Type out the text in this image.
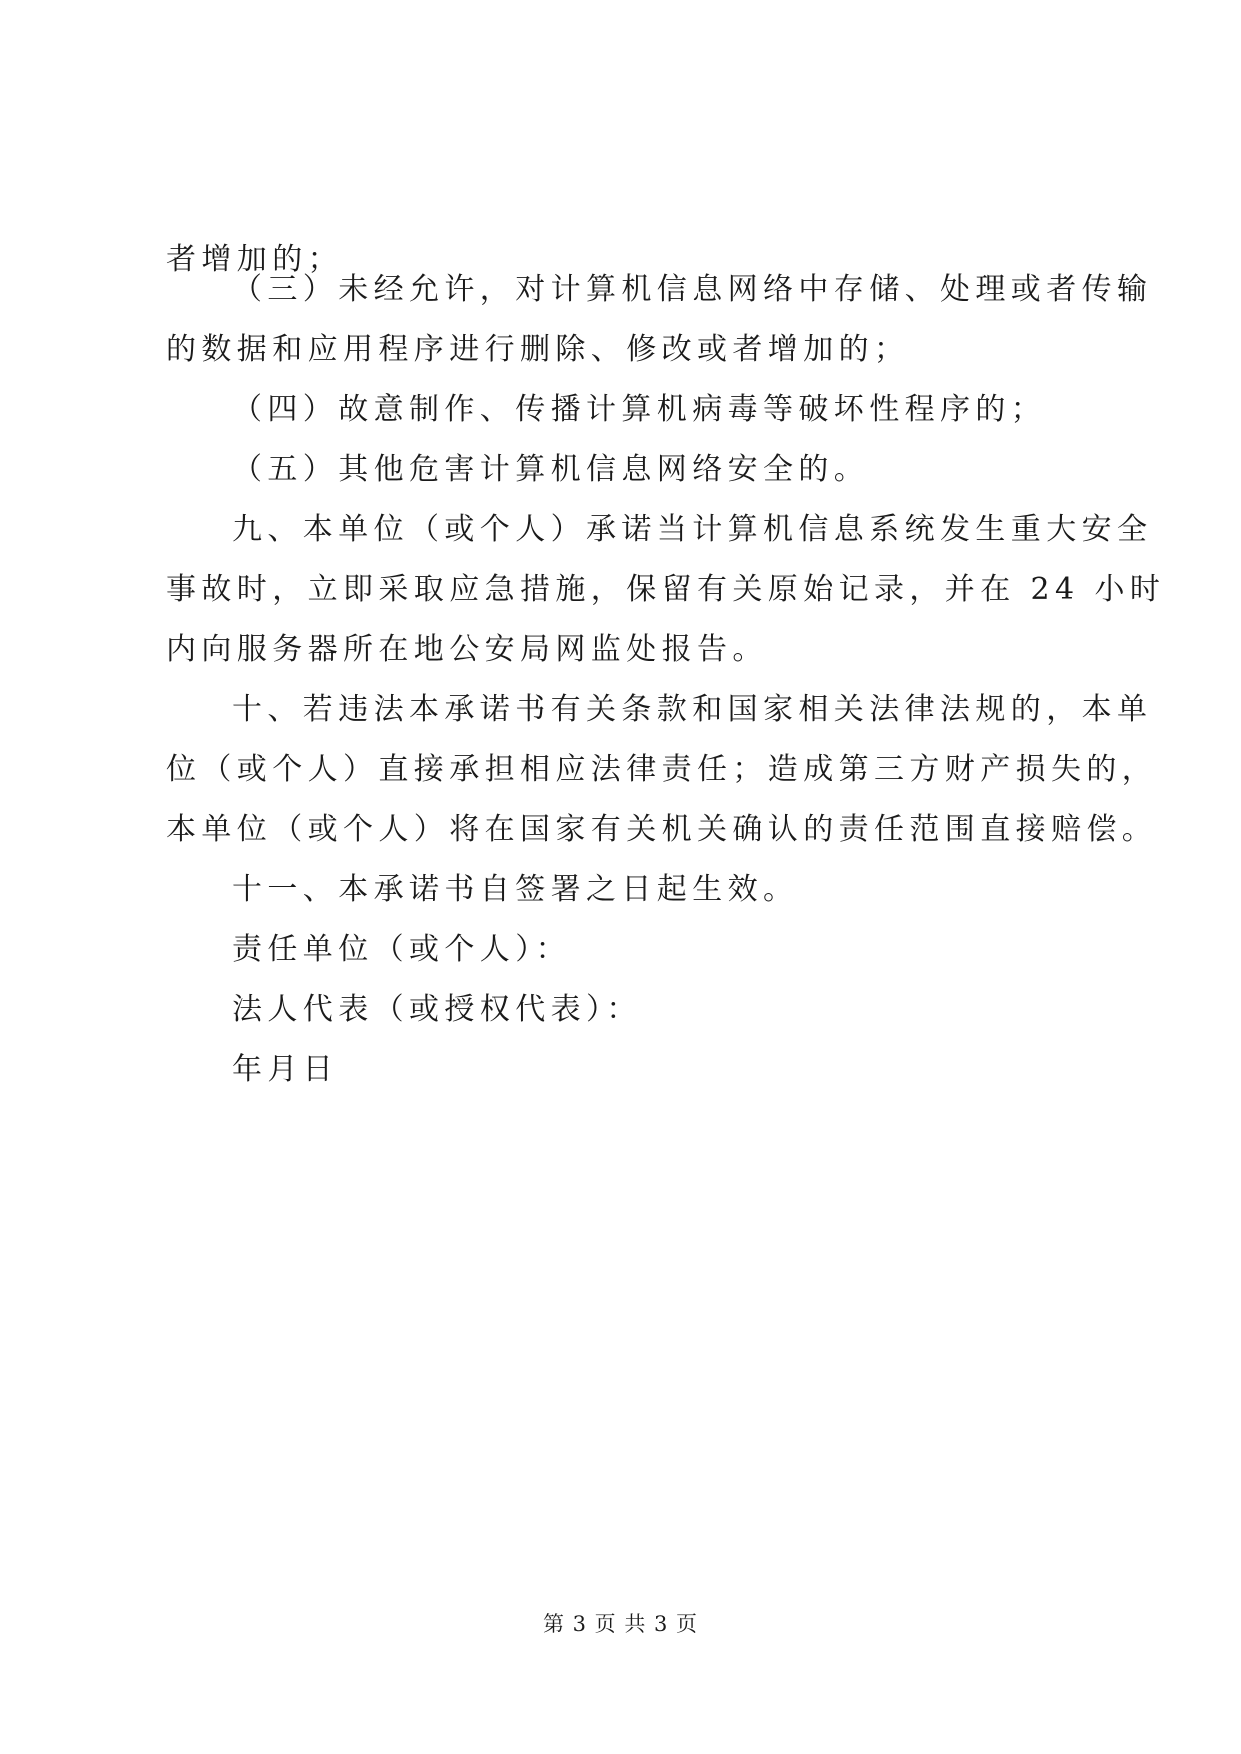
者增加的；
（三）未经允许，对计算机信息网络中存储、处理或者传输
的数据和应用程序进行删除、修改或者增加的；
（四）故意制作、传播计算机病毒等破坏性程序的；
（五）其他危害计算机信息网络安全的。
九、本单位（或个人）承诺当计算机信息系统发生重大安全
事故时，立即采取应急措施，保留有关原始记录，并在 24 小时
内向服务器所在地公安局网监处报告。
十、若违法本承诺书有关条款和国家相关法律法规的，本单
位（或个人）直接承担相应法律责任；造成第三方财产损失的，
本单位（或个人）将在国家有关机关确认的责任范围直接赔偿。
十一、本承诺书自签署之日起生效。
责任单位（或个人）：
法人代表（或授权代表）：
年月日
第 3 页 共 3 页
